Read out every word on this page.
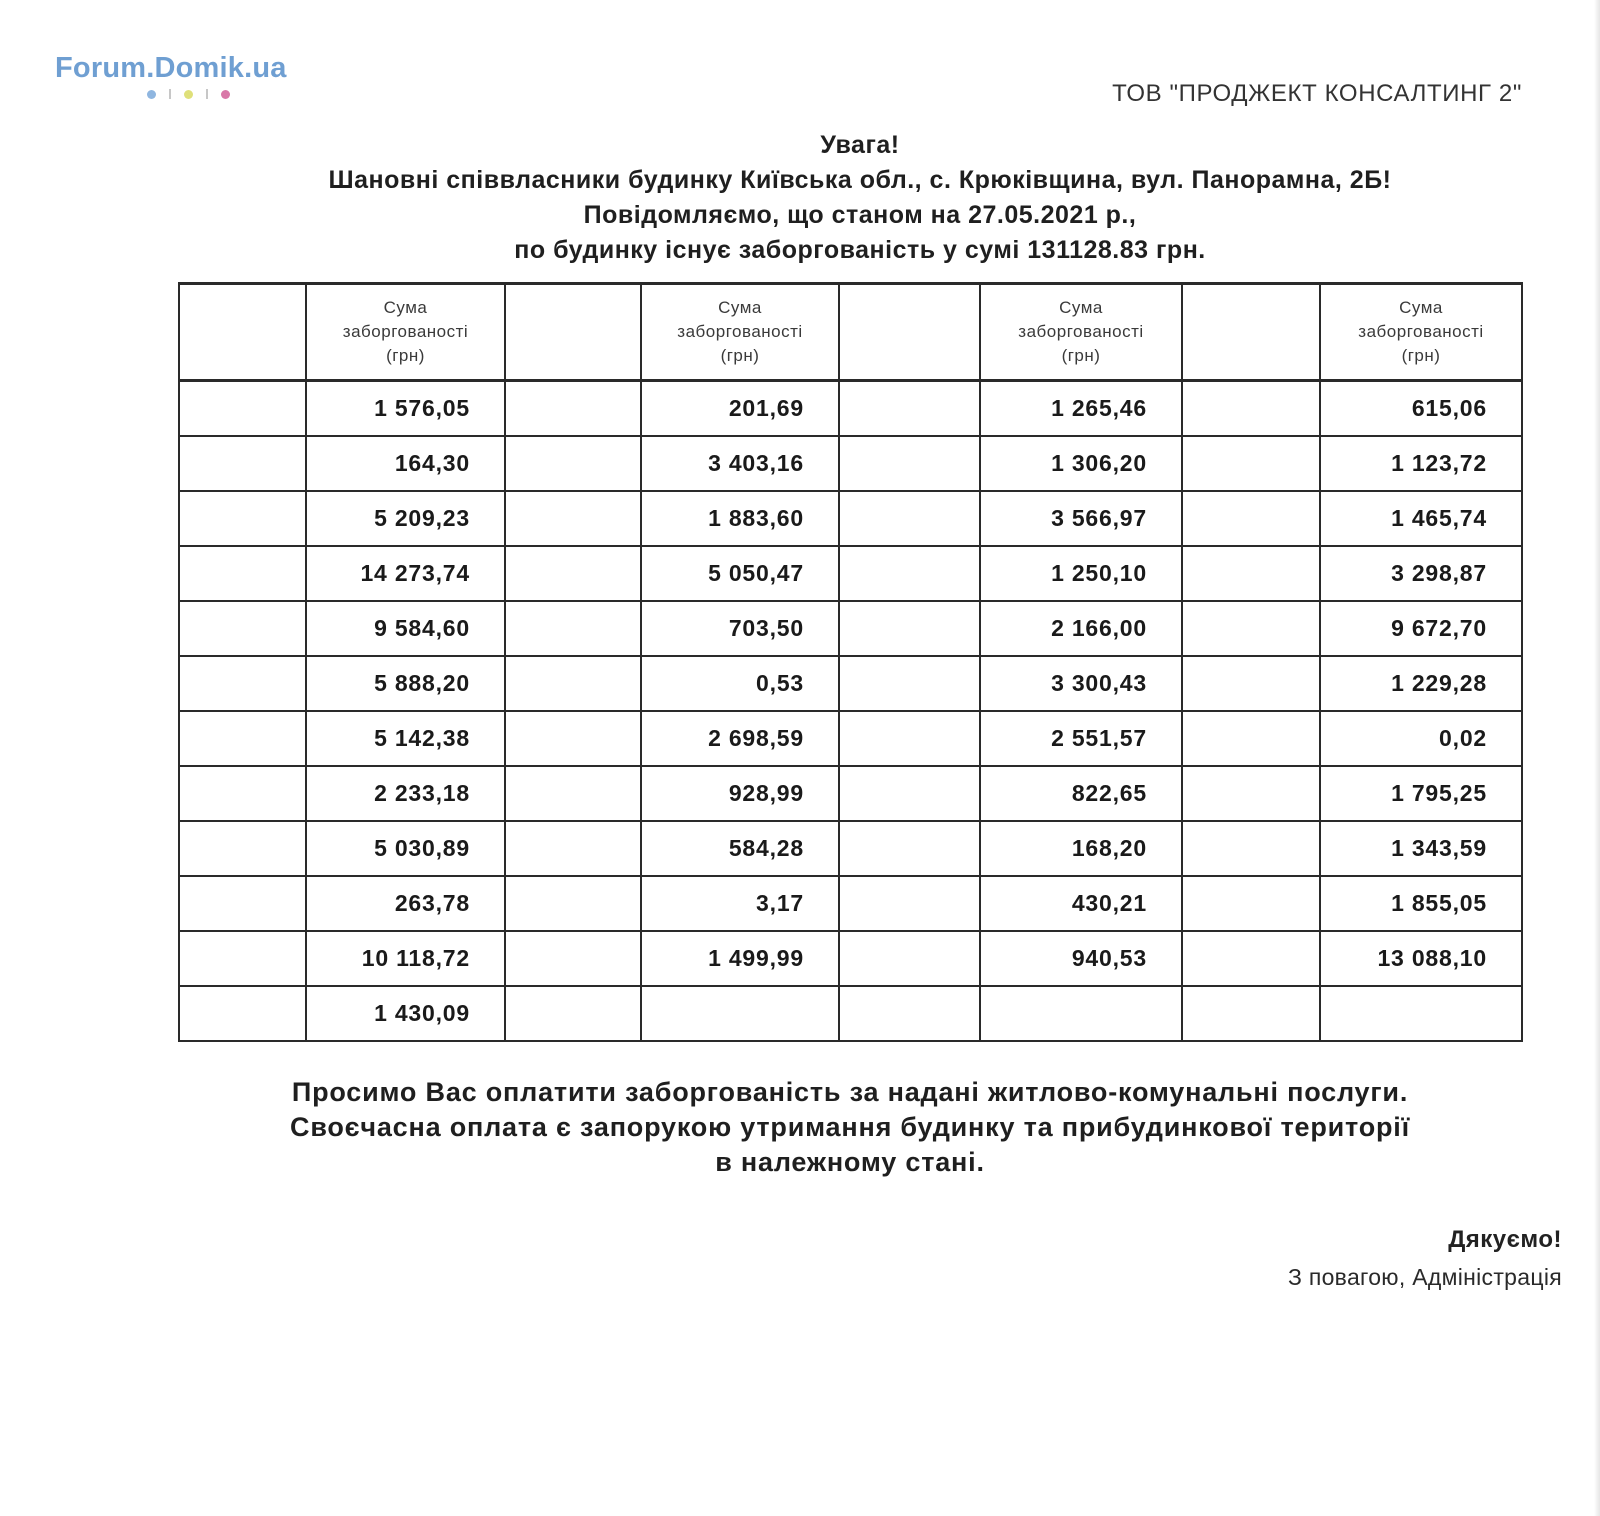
Forum.Domik.ua
ТОВ "ПРОДЖЕКТ КОНСАЛТИНГ 2"
Увага!
Шановні співвласники будинку Київська обл., с. Крюківщина, вул. Панорамна, 2Б!
Повідомляємо, що станом на 27.05.2021 р.,
по будинку існує заборгованість у сумі 131128.83 грн.
	Сума
заборгованості
(грн)		Сума
заборгованості
(грн)		Сума
заборгованості
(грн)		Сума
заборгованості
(грн)
	1 576,05		201,69		1 265,46		615,06
	164,30		3 403,16		1 306,20		1 123,72
	5 209,23		1 883,60		3 566,97		1 465,74
	14 273,74		5 050,47		1 250,10		3 298,87
	9 584,60		703,50		2 166,00		9 672,70
	5 888,20		0,53		3 300,43		1 229,28
	5 142,38		2 698,59		2 551,57		0,02
	2 233,18		928,99		822,65		1 795,25
	5 030,89		584,28		168,20		1 343,59
	263,78		3,17		430,21		1 855,05
	10 118,72		1 499,99		940,53		13 088,10
	1 430,09						
Просимо Вас оплатити заборгованість за надані житлово-комунальні послуги.
Своєчасна оплата є запорукою утримання будинку та прибудинкової території
в належному стані.
Дякуємо!
З повагою, Адміністрація
